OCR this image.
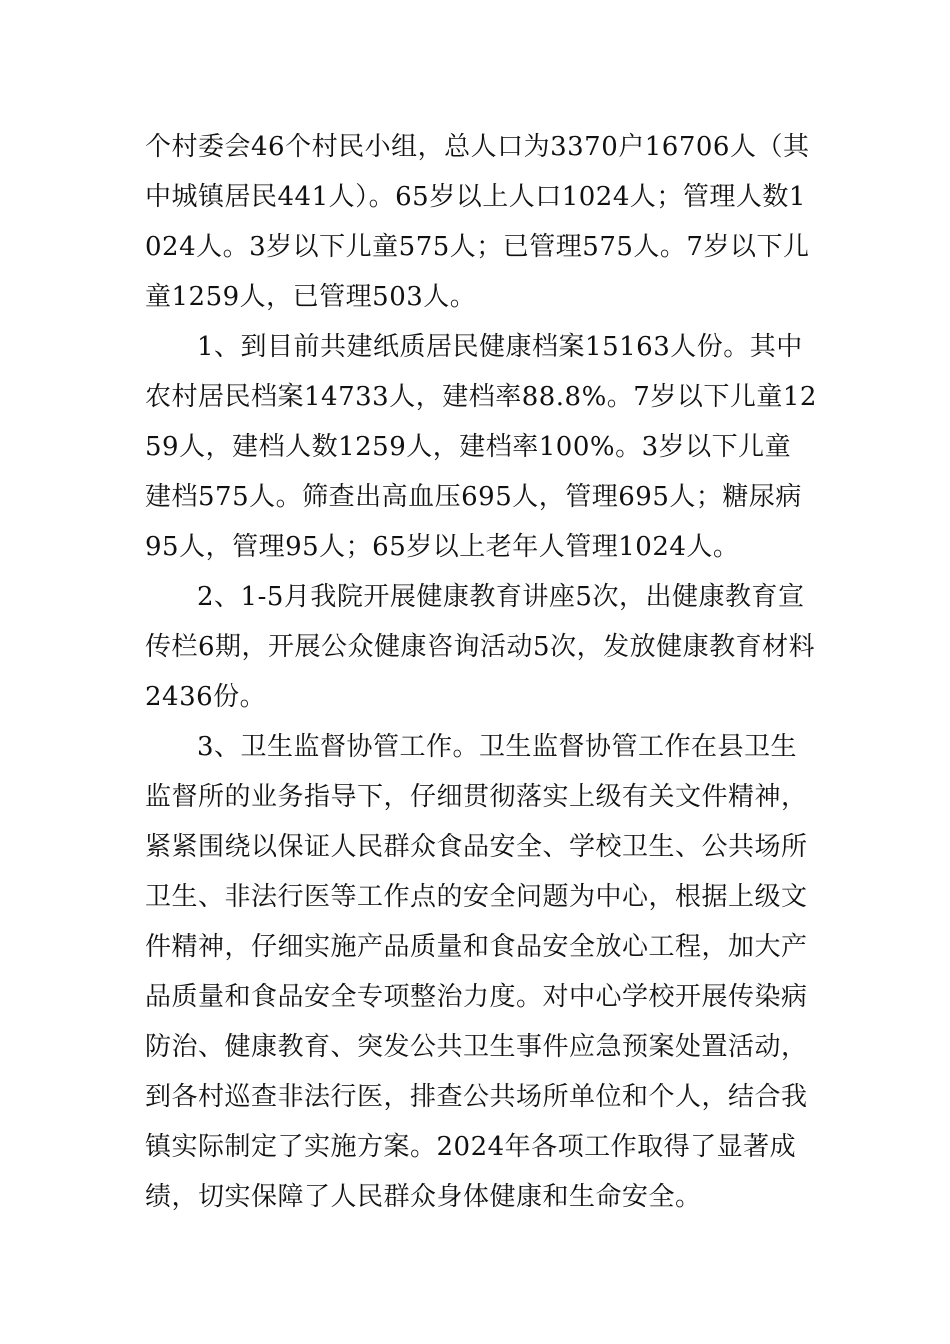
个村委会46个村民小组，总人口为3370户16706人（其中城镇居民441人）。65岁以上人口1024人；管理人数1024人。3岁以下儿童575人；已管理575人。7岁以下儿童1259人，已管理503人。

1、到目前共建纸质居民健康档案15163人份。其中农村居民档案14733人，建档率88.8%。7岁以下儿童1259人，建档人数1259人，建档率100%。3岁以下儿童建档575人。筛查出高血压695人，管理695人；糖尿病95人，管理95人；65岁以上老年人管理1024人。

2、1-5月我院开展健康教育讲座5次，出健康教育宣传栏6期，开展公众健康咨询活动5次，发放健康教育材料2436份。

3、卫生监督协管工作。卫生监督协管工作在县卫生监督所的业务指导下，仔细贯彻落实上级有关文件精神，紧紧围绕以保证人民群众食品安全、学校卫生、公共场所卫生、非法行医等工作点的安全问题为中心，根据上级文件精神，仔细实施产品质量和食品安全放心工程，加大产品质量和食品安全专项整治力度。对中心学校开展传染病防治、健康教育、突发公共卫生事件应急预案处置活动，到各村巡查非法行医，排查公共场所单位和个人，结合我镇实际制定了实施方案。2024年各项工作取得了显著成绩，切实保障了人民群众身体健康和生命安全。
